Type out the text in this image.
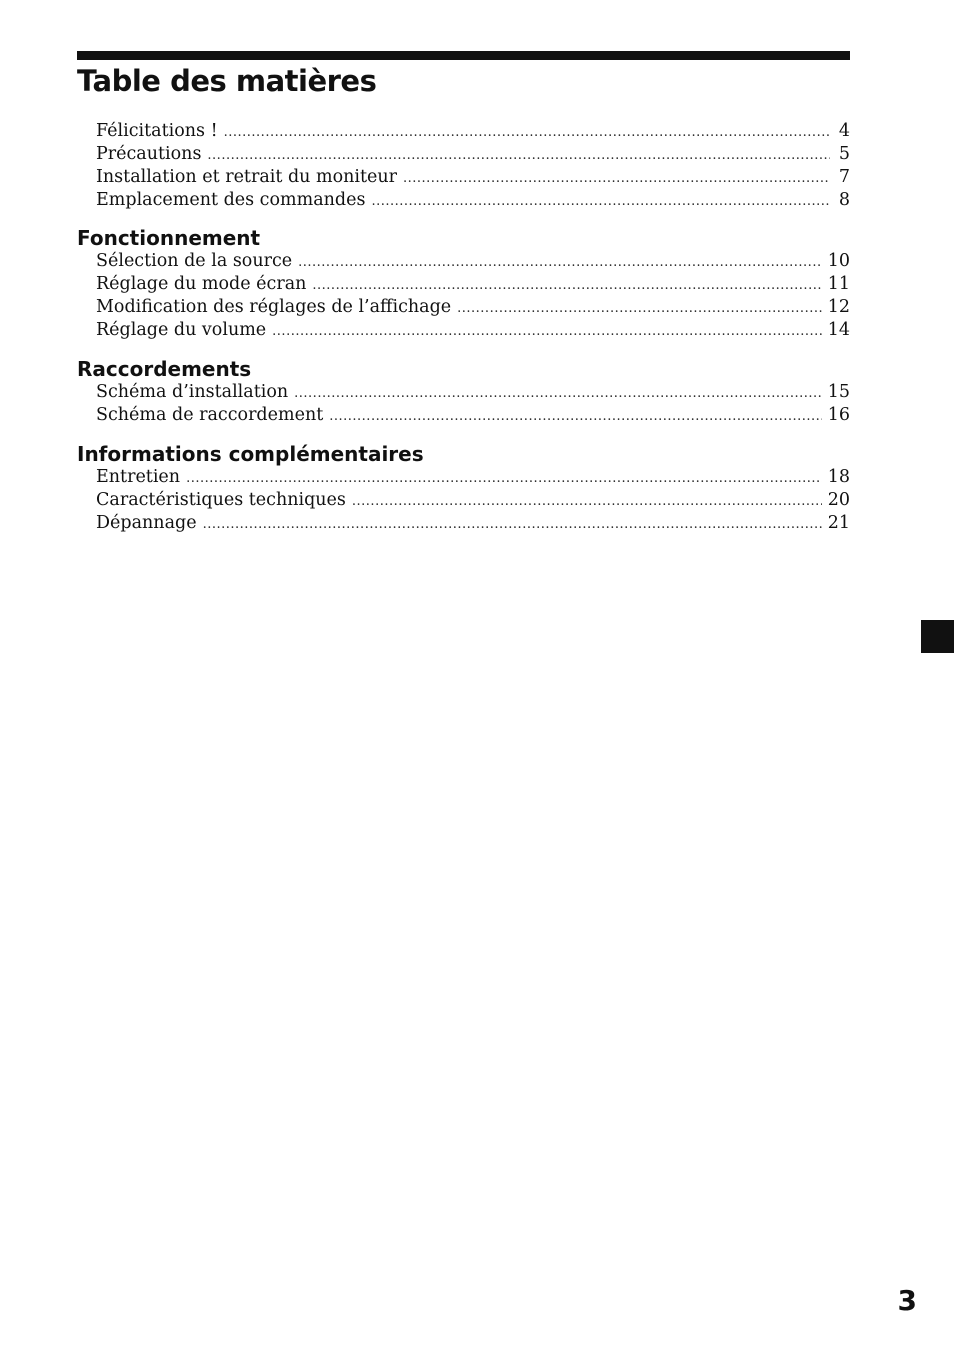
Table des matières
Félicitations ! .....	4
Précautions .....	5
Installation et retrait du moniteur .....	7
Emplacement des commandes .....	8
Fonctionnement
Sélection de la source .....	10
Réglage du mode écran .....	11
Modification des réglages de l’affichage .....	12
Réglage du volume .....	14
Raccordements
Schéma d’installation .....	15
Schéma de raccordement .....	16
Informations complémentaires
Entretien .....	18
Caractéristiques techniques .....	20
Dépannage .....	21
3
